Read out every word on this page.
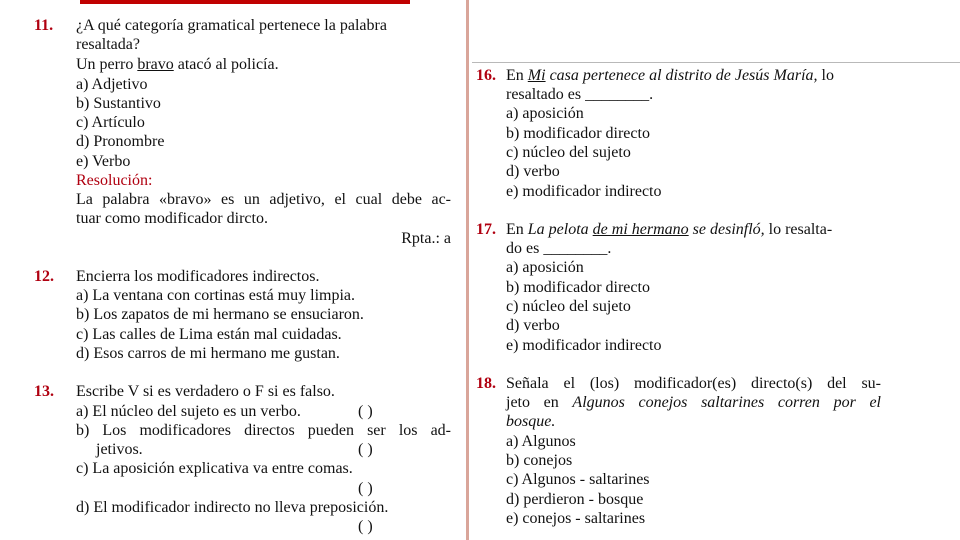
11. ¿A qué categoría gramatical pertenece la palabra
resaltada?
Un perro bravo atacó al policía.
a) Adjetivo
b) Sustantivo
c) Artículo
d) Pronombre
e) Verbo
Resolución:
La palabra «bravo» es un adjetivo, el cual debe ac-
tuar como modificador dircto.
Rpta.: a
12. Encierra los modificadores indirectos.
a) La ventana con cortinas está muy limpia.
b) Los zapatos de mi hermano se ensuciaron.
c) Las calles de Lima están mal cuidadas.
d) Esos carros de mi hermano me gustan.
13. Escribe V si es verdadero o F si es falso.
a) El núcleo del sujeto es un verbo.	( )
b) Los modificadores directos pueden ser los ad-
jetivos.	( )
c) La aposición explicativa va entre comas.
( )
d) El modificador indirecto no lleva preposición.
( )
16. En Mi casa pertenece al distrito de Jesús María, lo
resaltado es ________.
a) aposición
b) modificador directo
c) núcleo del sujeto
d) verbo
e) modificador indirecto
17. En La pelota de mi hermano se desinfló, lo resalta-
do es ________.
a) aposición
b) modificador directo
c) núcleo del sujeto
d) verbo
e) modificador indirecto
18. Señala el (los) modificador(es) directo(s) del su-
jeto en Algunos conejos saltarines corren por el
bosque.
a) Algunos
b) conejos
c) Algunos - saltarines
d) perdieron - bosque
e) conejos - saltarines
